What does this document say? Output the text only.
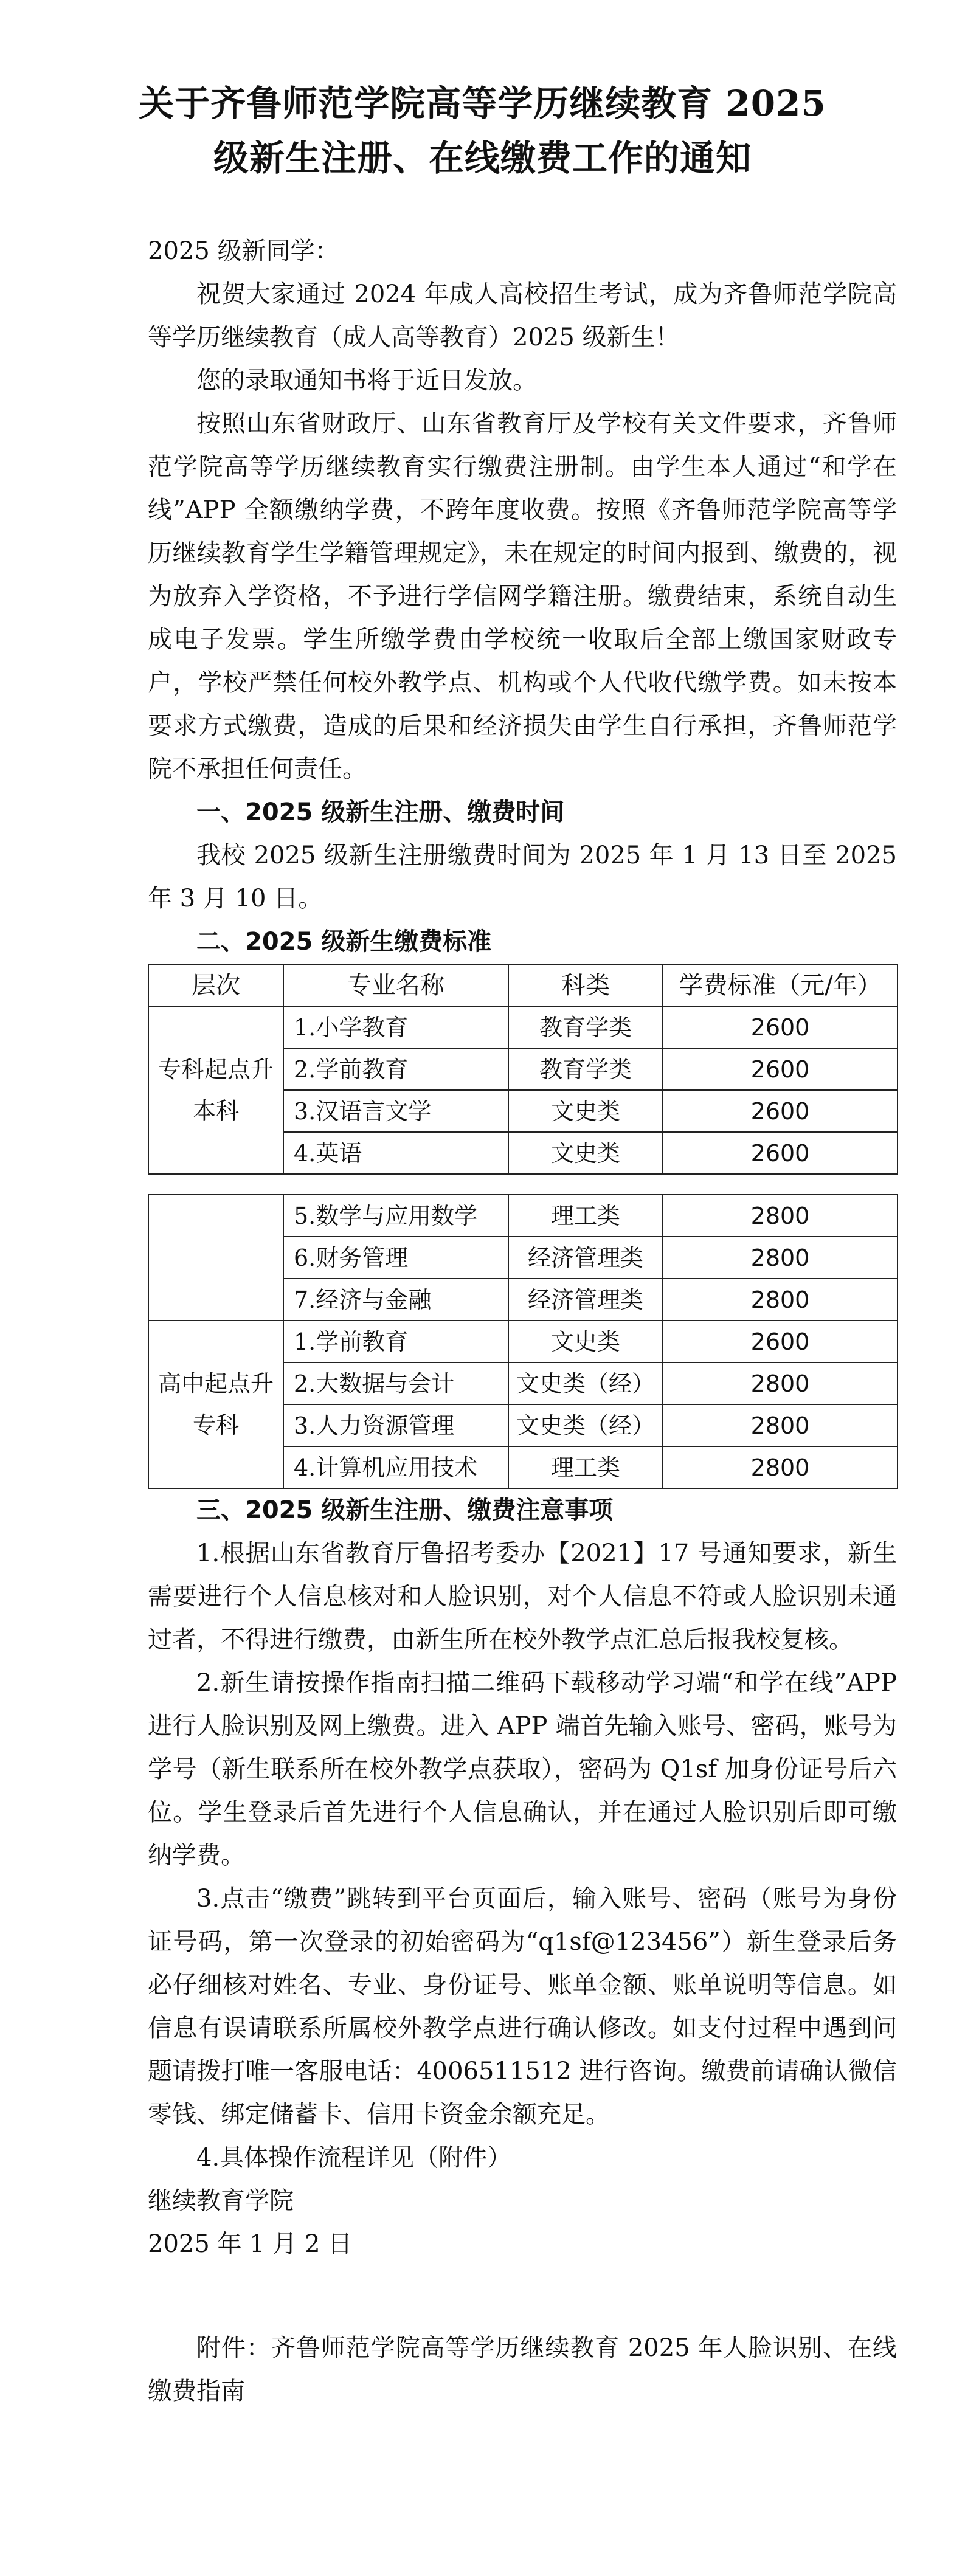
关于齐鲁师范学院高等学历继续教育 2025
级新生注册、在线缴费工作的通知

2025 级新同学：

祝贺大家通过 2024 年成人高校招生考试，成为齐鲁师范学院高等学历继续教育（成人高等教育）2025 级新生！

您的录取通知书将于近日发放。

按照山东省财政厅、山东省教育厅及学校有关文件要求，齐鲁师范学院高等学历继续教育实行缴费注册制。由学生本人通过“和学在线”APP 全额缴纳学费，不跨年度收费。按照《齐鲁师范学院高等学历继续教育学生学籍管理规定》，未在规定的时间内报到、缴费的，视为放弃入学资格，不予进行学信网学籍注册。缴费结束，系统自动生成电子发票。学生所缴学费由学校统一收取后全部上缴国家财政专户，学校严禁任何校外教学点、机构或个人代收代缴学费。如未按本要求方式缴费，造成的后果和经济损失由学生自行承担，齐鲁师范学院不承担任何责任。

一、2025 级新生注册、缴费时间

我校 2025 级新生注册缴费时间为 2025 年 1 月 13 日至 2025 年 3 月 10 日。

二、2025 级新生缴费标准

层次	专业名称	科类	学费标准（元/年）
专科起点升本科	1.小学教育	教育学类	2600
	2.学前教育	教育学类	2600
	3.汉语言文学	文史类	2600
	4.英语	文史类	2600
	5.数学与应用数学	理工类	2800
	6.财务管理	经济管理类	2800
	7.经济与金融	经济管理类	2800
高中起点升专科	1.学前教育	文史类	2600
	2.大数据与会计	文史类（经）	2800
	3.人力资源管理	文史类（经）	2800
	4.计算机应用技术	理工类	2800

三、2025 级新生注册、缴费注意事项

1.根据山东省教育厅鲁招考委办【2021】17 号通知要求，新生需要进行个人信息核对和人脸识别，对个人信息不符或人脸识别未通过者，不得进行缴费，由新生所在校外教学点汇总后报我校复核。

2.新生请按操作指南扫描二维码下载移动学习端“和学在线”APP 进行人脸识别及网上缴费。进入 APP 端首先输入账号、密码，账号为学号（新生联系所在校外教学点获取），密码为 Q1sf 加身份证号后六位。学生登录后首先进行个人信息确认，并在通过人脸识别后即可缴纳学费。

3.点击“缴费”跳转到平台页面后，输入账号、密码（账号为身份证号码，第一次登录的初始密码为“q1sf@123456”）新生登录后务必仔细核对姓名、专业、身份证号、账单金额、账单说明等信息。如信息有误请联系所属校外教学点进行确认修改。如支付过程中遇到问题请拨打唯一客服电话：4006511512 进行咨询。缴费前请确认微信零钱、绑定储蓄卡、信用卡资金余额充足。

4.具体操作流程详见（附件）

继续教育学院

2025 年 1 月 2 日

附件：齐鲁师范学院高等学历继续教育 2025 年人脸识别、在线缴费指南
